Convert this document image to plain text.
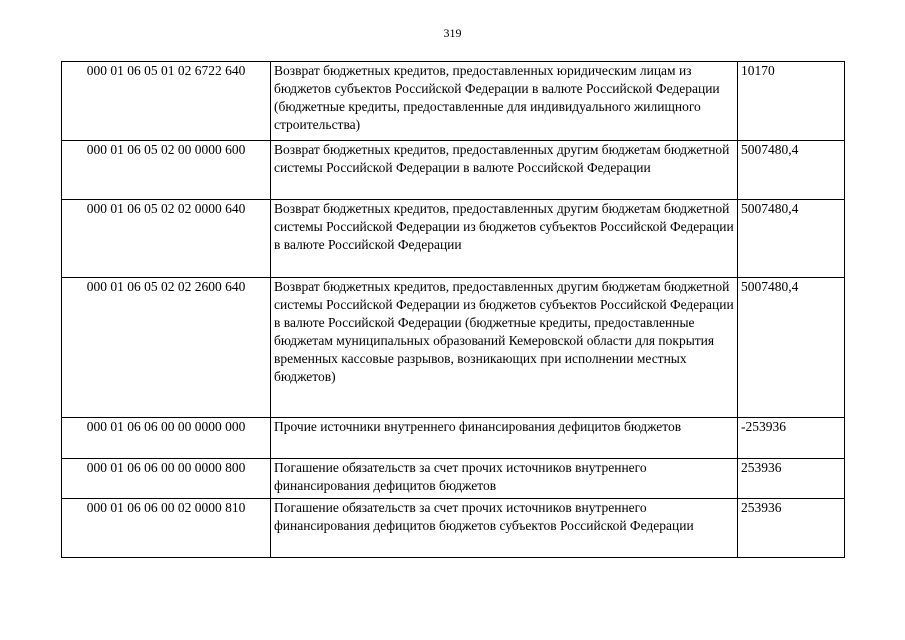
319
000 01 06 05 01 02 6722 640	Возврат бюджетных кредитов, предоставленных юридическим лицам из бюджетов субъектов Российской Федерации в валюте Российской Федерации (бюджетные кредиты, предоставленные для индивидуального жилищного строительства)	10170
000 01 06 05 02 00 0000 600	Возврат бюджетных кредитов, предоставленных другим бюджетам бюджетной системы Российской Федерации в валюте Российской Федерации	5007480,4
000 01 06 05 02 02 0000 640	Возврат бюджетных кредитов, предоставленных другим бюджетам бюджетной системы Российской Федерации из бюджетов субъектов Российской Федерации в валюте Российской Федерации	5007480,4
000 01 06 05 02 02 2600 640	Возврат бюджетных кредитов, предоставленных другим бюджетам бюджетной системы Российской Федерации из бюджетов субъектов Российской Федерации в валюте Российской Федерации (бюджетные кредиты, предоставленные бюджетам муниципальных образований Кемеровской области для покрытия временных кассовые разрывов, возникающих при исполнении местных бюджетов)	5007480,4
000 01 06 06 00 00 0000 000	Прочие источники внутреннего финансирования дефицитов бюджетов	-253936
000 01 06 06 00 00 0000 800	Погашение обязательств за счет прочих источников внутреннего финансирования дефицитов бюджетов	253936
000 01 06 06 00 02 0000 810	Погашение обязательств за счет прочих источников внутреннего финансирования дефицитов бюджетов субъектов Российской Федерации	253936
